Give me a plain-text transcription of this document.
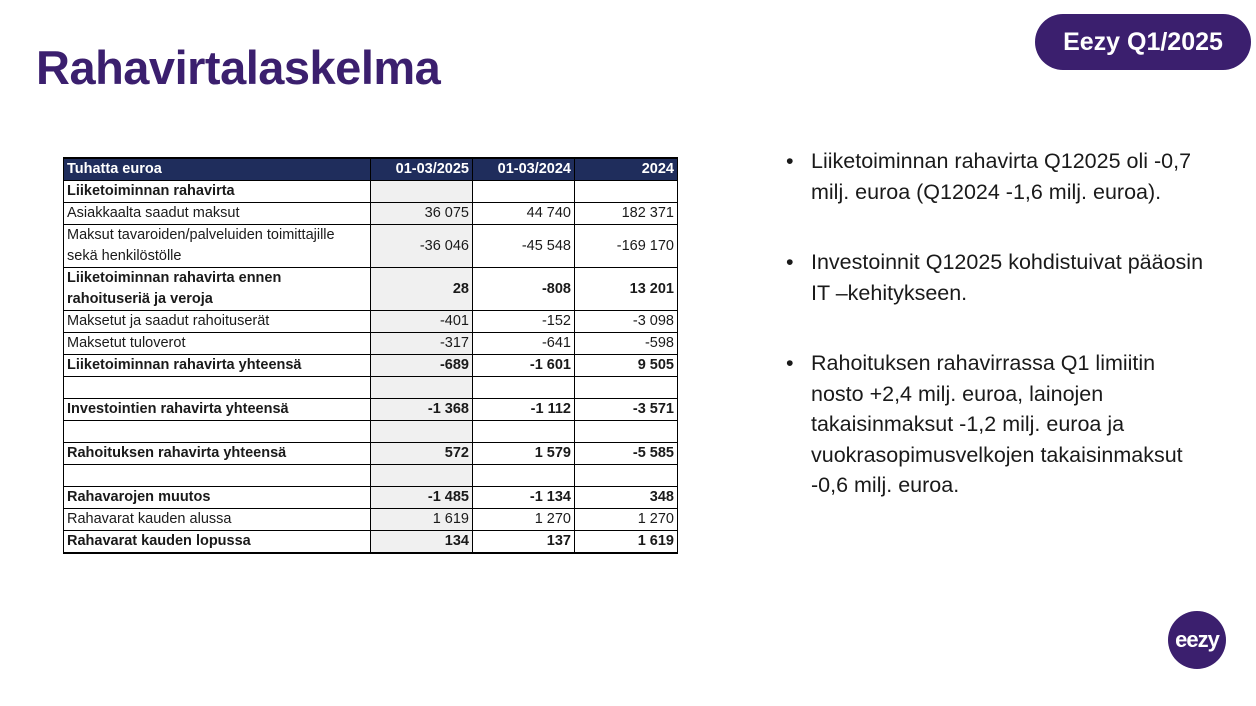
Rahavirtalaskelma	Eezy Q1/2025
Tuhatta euroa	01-03/2025	01-03/2024	2024
Liiketoiminnan rahavirta			
Asiakkaalta saadut maksut	36 075	44 740	182 371
Maksut tavaroiden/palveluiden toimittajille sekä henkilöstölle	-36 046	-45 548	-169 170
Liiketoiminnan rahavirta ennen rahoituseriä ja veroja	28	-808	13 201
Maksetut ja saadut rahoituserät	-401	-152	-3 098
Maksetut tuloverot	-317	-641	-598
Liiketoiminnan rahavirta yhteensä	-689	-1 601	9 505

Investointien rahavirta yhteensä	-1 368	-1 112	-3 571

Rahoituksen rahavirta yhteensä	572	1 579	-5 585

Rahavarojen muutos	-1 485	-1 134	348
Rahavarat kauden alussa	1 619	1 270	1 270
Rahavarat kauden lopussa	134	137	1 619
• Liiketoiminnan rahavirta Q12025 oli -0,7 milj. euroa (Q12024 -1,6 milj. euroa).
• Investoinnit Q12025 kohdistuivat pääosin IT –kehitykseen.
• Rahoituksen rahavirrassa Q1 limiitin nosto +2,4 milj. euroa, lainojen takaisinmaksut -1,2 milj. euroa ja vuokrasopimusvelkojen takaisinmaksut -0,6 milj. euroa.
eezy
